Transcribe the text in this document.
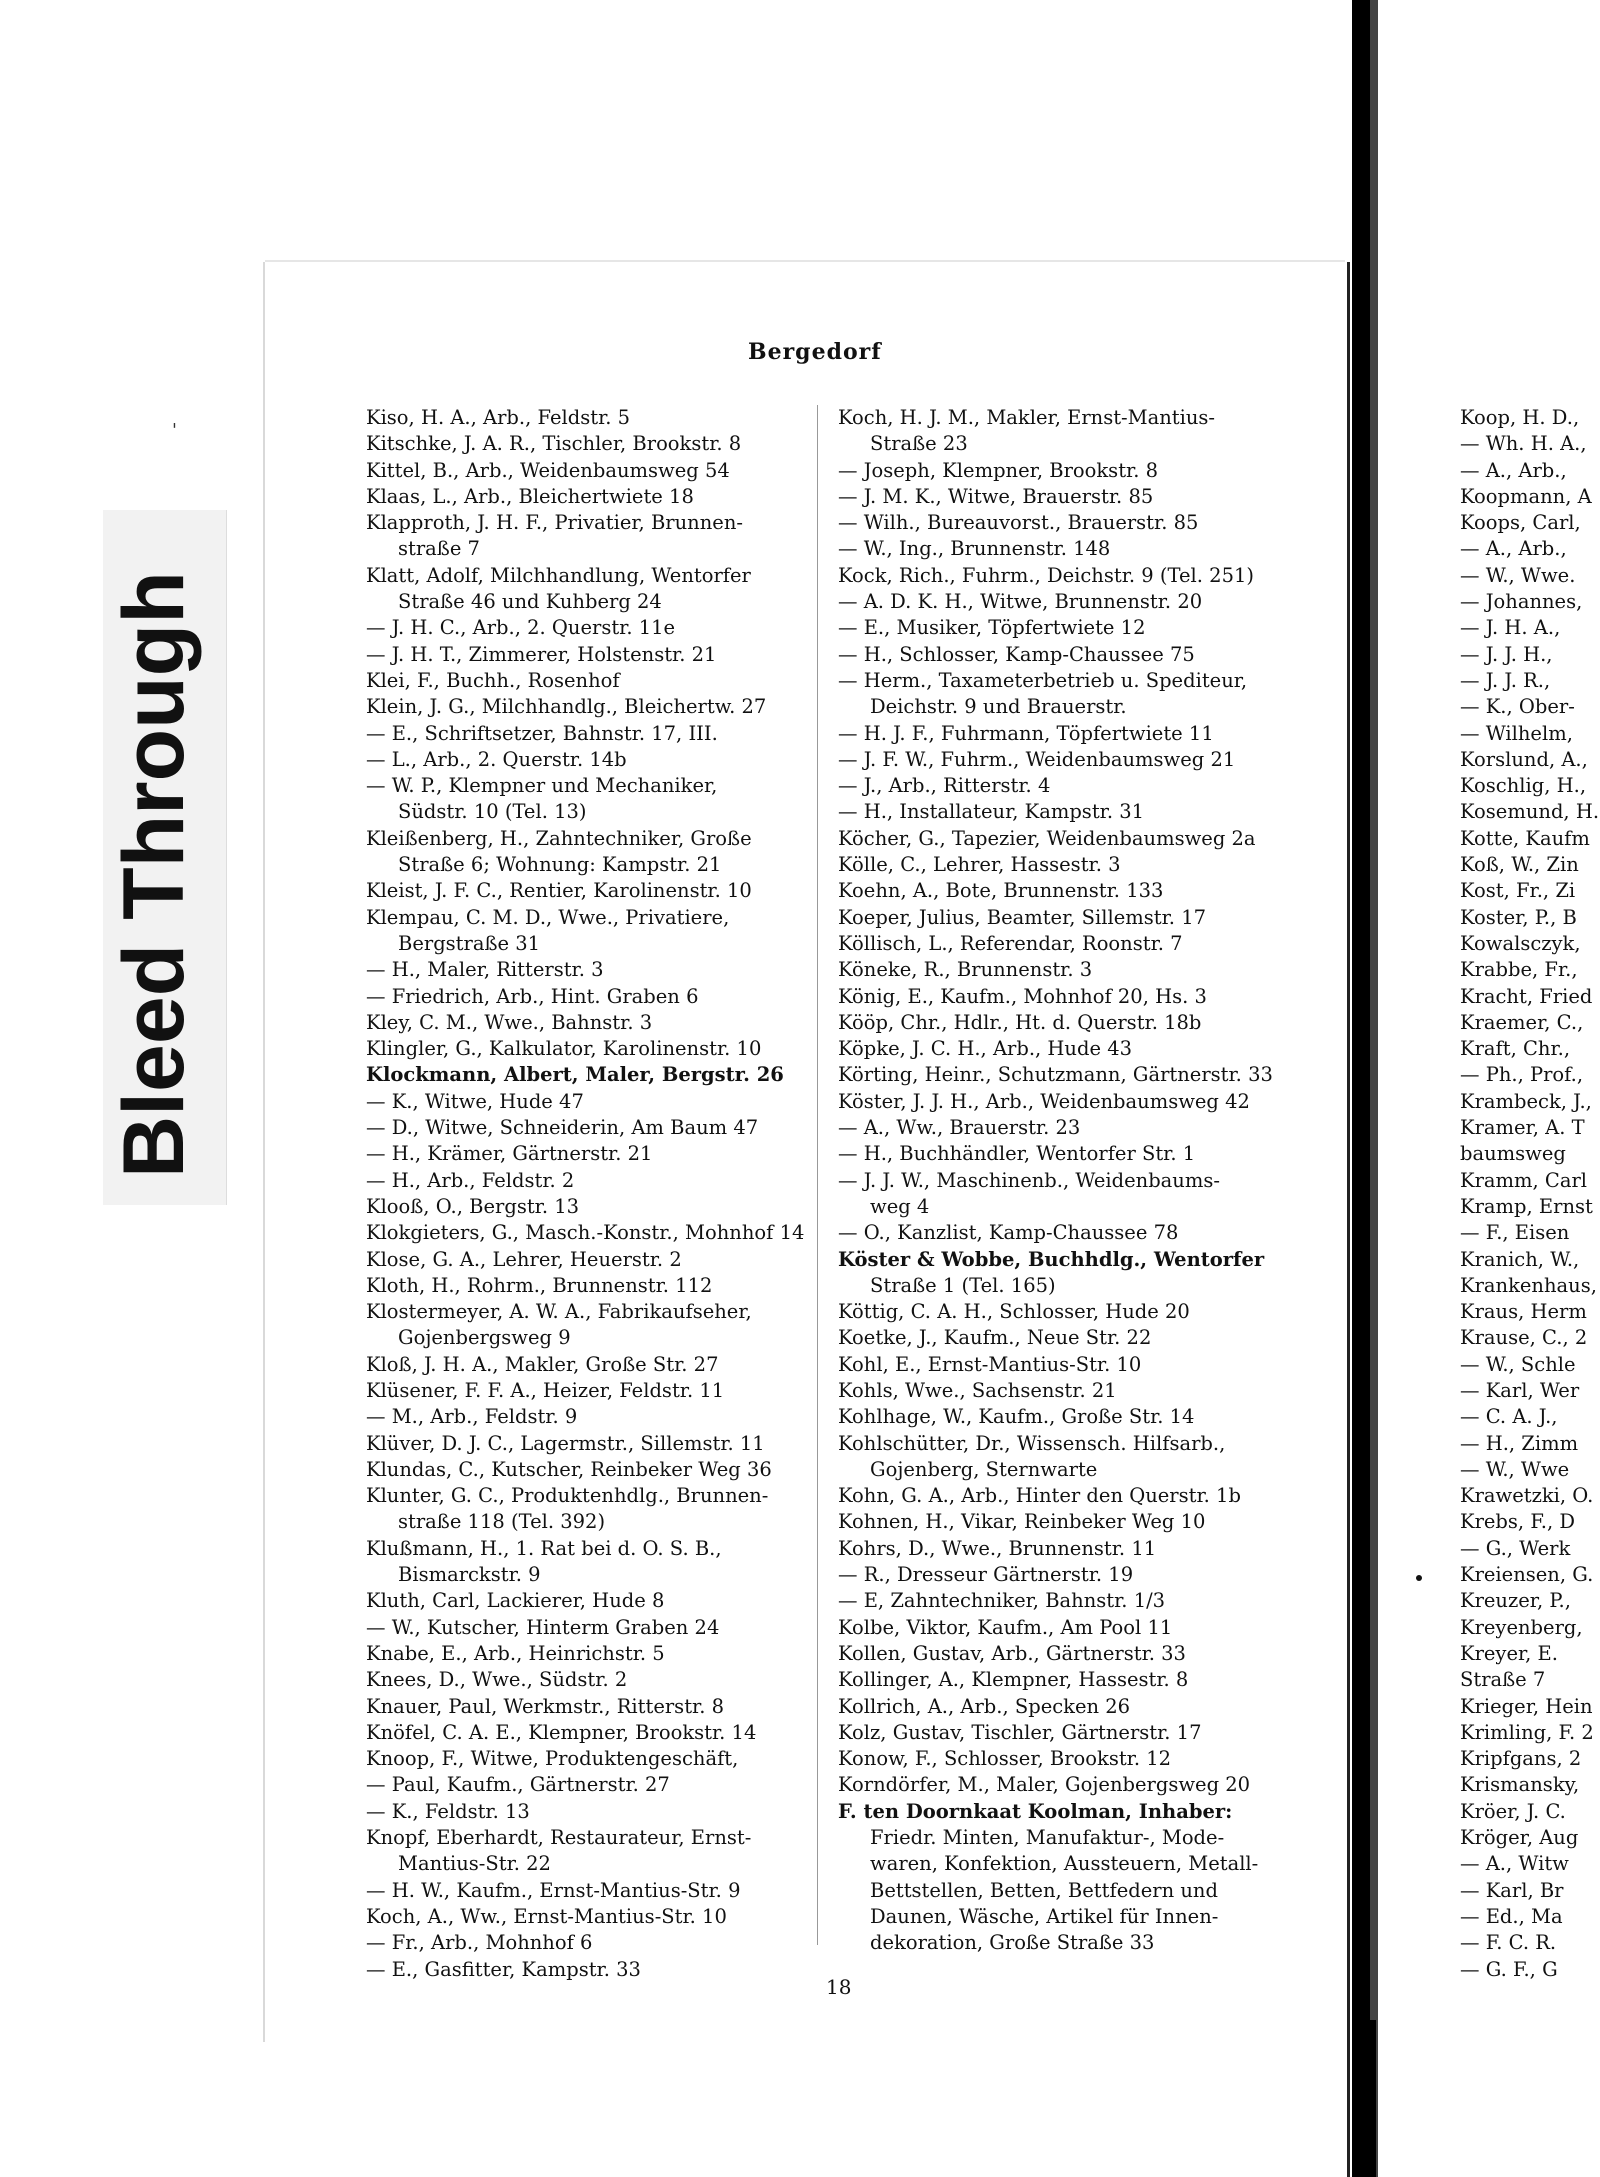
Bleed Through
'
Bergedorf
Kiso, H. A., Arb., Feldstr. 5
Kitschke, J. A. R., Tischler, Brookstr. 8
Kittel, B., Arb., Weidenbaumsweg 54
Klaas, L., Arb., Bleichertwiete 18
Klapproth, J. H. F., Privatier, Brunnen-
straße 7
Klatt, Adolf, Milchhandlung, Wentorfer
Straße 46 und Kuhberg 24
— J. H. C., Arb., 2. Querstr. 11e
— J. H. T., Zimmerer, Holstenstr. 21
Klei, F., Buchh., Rosenhof
Klein, J. G., Milchhandlg., Bleichertw. 27
— E., Schriftsetzer, Bahnstr. 17, III.
— L., Arb., 2. Querstr. 14b
— W. P., Klempner und Mechaniker,
Südstr. 10 (Tel. 13)
Kleißenberg, H., Zahntechniker, Große
Straße 6; Wohnung: Kampstr. 21
Kleist, J. F. C., Rentier, Karolinenstr. 10
Klempau, C. M. D., Wwe., Privatiere,
Bergstraße 31
— H., Maler, Ritterstr. 3
— Friedrich, Arb., Hint. Graben 6
Kley, C. M., Wwe., Bahnstr. 3
Klingler, G., Kalkulator, Karolinenstr. 10
Klockmann, Albert, Maler, Bergstr. 26
— K., Witwe, Hude 47
— D., Witwe, Schneiderin, Am Baum 47
— H., Krämer, Gärtnerstr. 21
— H., Arb., Feldstr. 2
Klooß, O., Bergstr. 13
Klokgieters, G., Masch.-Konstr., Mohnhof 14
Klose, G. A., Lehrer, Heuerstr. 2
Kloth, H., Rohrm., Brunnenstr. 112
Klostermeyer, A. W. A., Fabrikaufseher,
Gojenbergsweg 9
Kloß, J. H. A., Makler, Große Str. 27
Klüsener, F. F. A., Heizer, Feldstr. 11
— M., Arb., Feldstr. 9
Klüver, D. J. C., Lagermstr., Sillemstr. 11
Klundas, C., Kutscher, Reinbeker Weg 36
Klunter, G. C., Produktenhdlg., Brunnen-
straße 118 (Tel. 392)
Klußmann, H., 1. Rat bei d. O. S. B.,
Bismarckstr. 9
Kluth, Carl, Lackierer, Hude 8
— W., Kutscher, Hinterm Graben 24
Knabe, E., Arb., Heinrichstr. 5
Knees, D., Wwe., Südstr. 2
Knauer, Paul, Werkmstr., Ritterstr. 8
Knöfel, C. A. E., Klempner, Brookstr. 14
Knoop, F., Witwe, Produktengeschäft,
— Paul, Kaufm., Gärtnerstr. 27
— K., Feldstr. 13
Knopf, Eberhardt, Restaurateur, Ernst-
Mantius-Str. 22
— H. W., Kaufm., Ernst-Mantius-Str. 9
Koch, A., Ww., Ernst-Mantius-Str. 10
— Fr., Arb., Mohnhof 6
— E., Gasfitter, Kampstr. 33
Koch, H. J. M., Makler, Ernst-Mantius-
Straße 23
— Joseph, Klempner, Brookstr. 8
— J. M. K., Witwe, Brauerstr. 85
— Wilh., Bureauvorst., Brauerstr. 85
— W., Ing., Brunnenstr. 148
Kock, Rich., Fuhrm., Deichstr. 9 (Tel. 251)
— A. D. K. H., Witwe, Brunnenstr. 20
— E., Musiker, Töpfertwiete 12
— H., Schlosser, Kamp-Chaussee 75
— Herm., Taxameterbetrieb u. Spediteur,
Deichstr. 9 und Brauerstr.
— H. J. F., Fuhrmann, Töpfertwiete 11
— J. F. W., Fuhrm., Weidenbaumsweg 21
— J., Arb., Ritterstr. 4
— H., Installateur, Kampstr. 31
Köcher, G., Tapezier, Weidenbaumsweg 2a
Kölle, C., Lehrer, Hassestr. 3
Koehn, A., Bote, Brunnenstr. 133
Koeper, Julius, Beamter, Sillemstr. 17
Köllisch, L., Referendar, Roonstr. 7
Köneke, R., Brunnenstr. 3
König, E., Kaufm., Mohnhof 20, Hs. 3
Kööp, Chr., Hdlr., Ht. d. Querstr. 18b
Köpke, J. C. H., Arb., Hude 43
Körting, Heinr., Schutzmann, Gärtnerstr. 33
Köster, J. J. H., Arb., Weidenbaumsweg 42
— A., Ww., Brauerstr. 23
— H., Buchhändler, Wentorfer Str. 1
— J. J. W., Maschinenb., Weidenbaums-
weg 4
— O., Kanzlist, Kamp-Chaussee 78
Köster & Wobbe, Buchhdlg., Wentorfer
Straße 1 (Tel. 165)
Köttig, C. A. H., Schlosser, Hude 20
Koetke, J., Kaufm., Neue Str. 22
Kohl, E., Ernst-Mantius-Str. 10
Kohls, Wwe., Sachsenstr. 21
Kohlhage, W., Kaufm., Große Str. 14
Kohlschütter, Dr., Wissensch. Hilfsarb.,
Gojenberg, Sternwarte
Kohn, G. A., Arb., Hinter den Querstr. 1b
Kohnen, H., Vikar, Reinbeker Weg 10
Kohrs, D., Wwe., Brunnenstr. 11
— R., Dresseur Gärtnerstr. 19
— E, Zahntechniker, Bahnstr. 1/3
Kolbe, Viktor, Kaufm., Am Pool 11
Kollen, Gustav, Arb., Gärtnerstr. 33
Kollinger, A., Klempner, Hassestr. 8
Kollrich, A., Arb., Specken 26
Kolz, Gustav, Tischler, Gärtnerstr. 17
Konow, F., Schlosser, Brookstr. 12
Korndörfer, M., Maler, Gojenbergsweg 20
F. ten Doornkaat Koolman, Inhaber:
Friedr. Minten, Manufaktur-, Mode-
waren, Konfektion, Aussteuern, Metall-
Bettstellen, Betten, Bettfedern und
Daunen, Wäsche, Artikel für Innen-
dekoration, Große Straße 33
18
Koop, H. D.,
— Wh. H. A.,
— A., Arb.,
Koopmann, A
Koops, Carl,
— A., Arb.,
— W., Wwe.
— Johannes,
— J. H. A.,
— J. J. H.,
— J. J. R.,
— K., Ober-
— Wilhelm,
Korslund, A.,
Koschlig, H.,
Kosemund, H.
Kotte, Kaufm
Koß, W., Zin
Kost, Fr., Zi
Koster, P., B
Kowalsczyk,
Krabbe, Fr.,
Kracht, Fried
Kraemer, C.,
Kraft, Chr.,
— Ph., Prof.,
Krambeck, J.,
Kramer, A. T
baumsweg
Kramm, Carl
Kramp, Ernst
— F., Eisen
Kranich, W.,
Krankenhaus,
Kraus, Herm
Krause, C., 2
— W., Schle
— Karl, Wer
— C. A. J.,
— H., Zimm
— W., Wwe
Krawetzki, O.
Krebs, F., D
— G., Werk
Kreiensen, G.
Kreuzer, P.,
Kreyenberg,
Kreyer, E.
Straße 7
Krieger, Hein
Krimling, F. 2
Kripfgans, 2
Krismansky,
Kröer, J. C.
Kröger, Aug
— A., Witw
— Karl, Br
— Ed., Ma
— F. C. R.
— G. F., G
